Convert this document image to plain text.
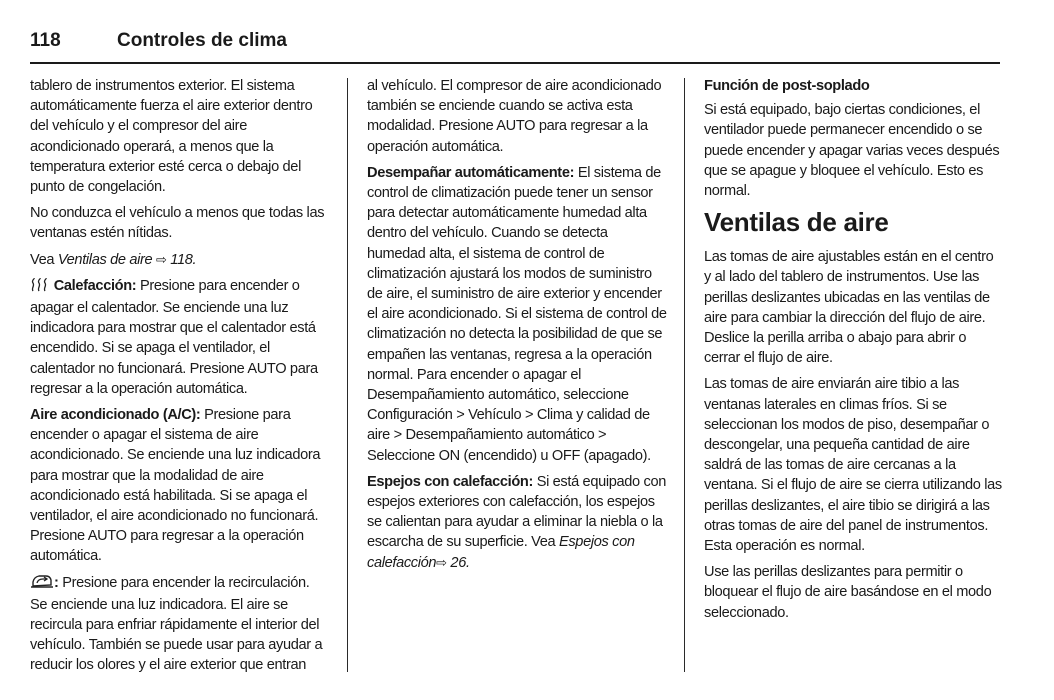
118	Controles de clima

tablero de instrumentos exterior. El sistema automáticamente fuerza el aire exterior dentro del vehículo y el compresor del aire acondicionado operará, a menos que la temperatura exterior esté cerca o debajo del punto de congelación.

No conduzca el vehículo a menos que todas las ventanas estén nítidas.

Vea Ventilas de aire ⇨ 118.

Calefacción: Presione para encender o apagar el calentador. Se enciende una luz indicadora para mostrar que el calentador está encendido. Si se apaga el ventilador, el calentador no funcionará. Presione AUTO para regresar a la operación automática.

Aire acondicionado (A/C): Presione para encender o apagar el sistema de aire acondicionado. Se enciende una luz indicadora para mostrar que la modalidad de aire acondicionado está habilitada. Si se apaga el ventilador, el aire acondicionado no funcionará. Presione AUTO para regresar a la operación automática.

: Presione para encender la recirculación. Se enciende una luz indicadora. El aire se recircula para enfriar rápidamente el interior del vehículo. También se puede usar para ayudar a reducir los olores y el aire exterior que entran

al vehículo. El compresor de aire acondicionado también se enciende cuando se activa esta modalidad. Presione AUTO para regresar a la operación automática.

Desempañar automáticamente: El sistema de control de climatización puede tener un sensor para detectar automáticamente humedad alta dentro del vehículo. Cuando se detecta humedad alta, el sistema de control de climatización ajustará los modos de suministro de aire, el suministro de aire exterior y encender el aire acondicionado. Si el sistema de control de climatización no detecta la posibilidad de que se empañen las ventanas, regresa a la operación normal. Para encender o apagar el Desempañamiento automático, seleccione Configuración > Vehículo > Clima y calidad de aire > Desempañamiento automático > Seleccione ON (encendido) u OFF (apagado).

Espejos con calefacción: Si está equipado con espejos exteriores con calefacción, los espejos se calientan para ayudar a eliminar la niebla o la escarcha de su superficie. Vea Espejos con calefacción⇨ 26.

Función de post-soplado

Si está equipado, bajo ciertas condiciones, el ventilador puede permanecer encendido o se puede encender y apagar varias veces después que se apague y bloquee el vehículo. Esto es normal.

Ventilas de aire

Las tomas de aire ajustables están en el centro y al lado del tablero de instrumentos. Use las perillas deslizantes ubicadas en las ventilas de aire para cambiar la dirección del flujo de aire. Deslice la perilla arriba o abajo para abrir o cerrar el flujo de aire.

Las tomas de aire enviarán aire tibio a las ventanas laterales en climas fríos. Si se seleccionan los modos de piso, desempañar o descongelar, una pequeña cantidad de aire saldrá de las tomas de aire cercanas a la ventana. Si el flujo de aire se cierra utilizando las perillas deslizantes, el aire tibio se dirigirá a las otras tomas de aire del panel de instrumentos. Esta operación es normal.

Use las perillas deslizantes para permitir o bloquear el flujo de aire basándose en el modo seleccionado.
